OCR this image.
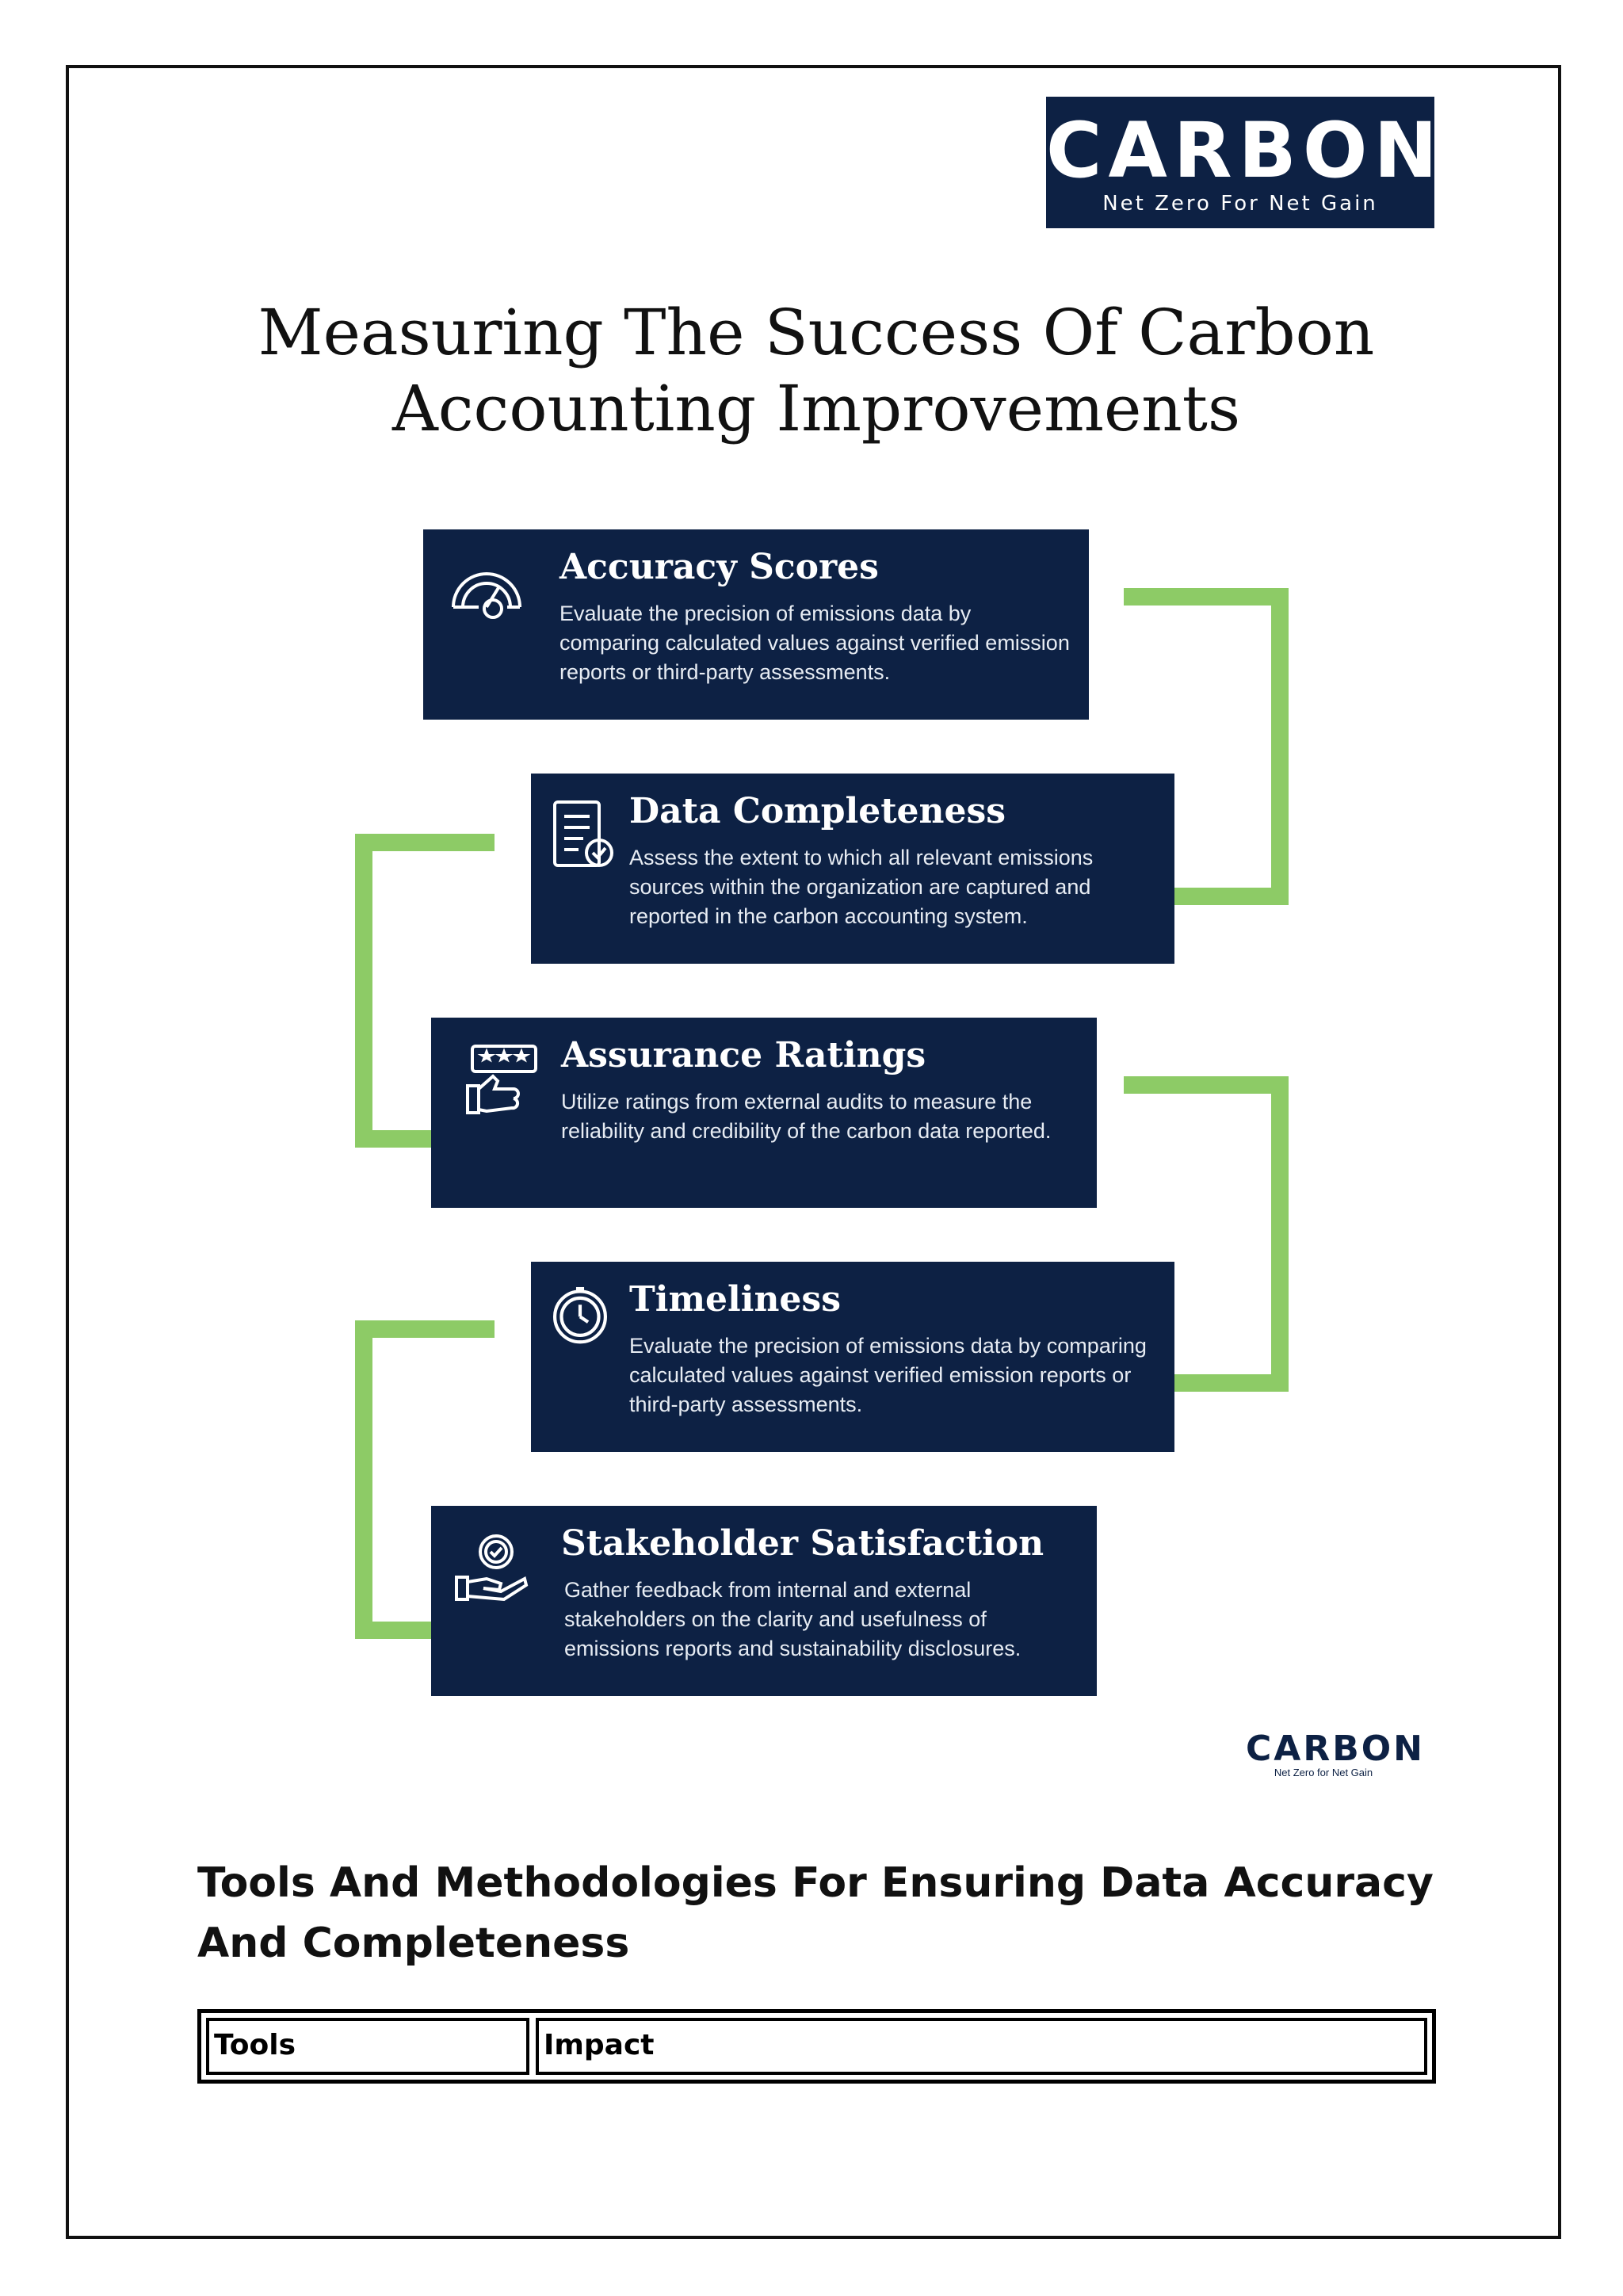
CARBON
Net Zero For Net Gain
Measuring The Success Of Carbon Accounting Improvements
Accuracy Scores
Evaluate the precision of emissions data by comparing calculated values against verified emission reports or third-party assessments.
Data Completeness
Assess the extent to which all relevant emissions sources within the organization are captured and reported in the carbon accounting system.
Assurance Ratings
Utilize ratings from external audits to measure the reliability and credibility of the carbon data reported.
Timeliness
Evaluate the precision of emissions data by comparing calculated values against verified emission reports or third-party assessments.
Stakeholder Satisfaction
Gather feedback from internal and external stakeholders on the clarity and usefulness of emissions reports and sustainability disclosures.
CARBON
Net Zero for Net Gain
Tools And Methodologies For Ensuring Data Accuracy And Completeness
Tools	Impact
